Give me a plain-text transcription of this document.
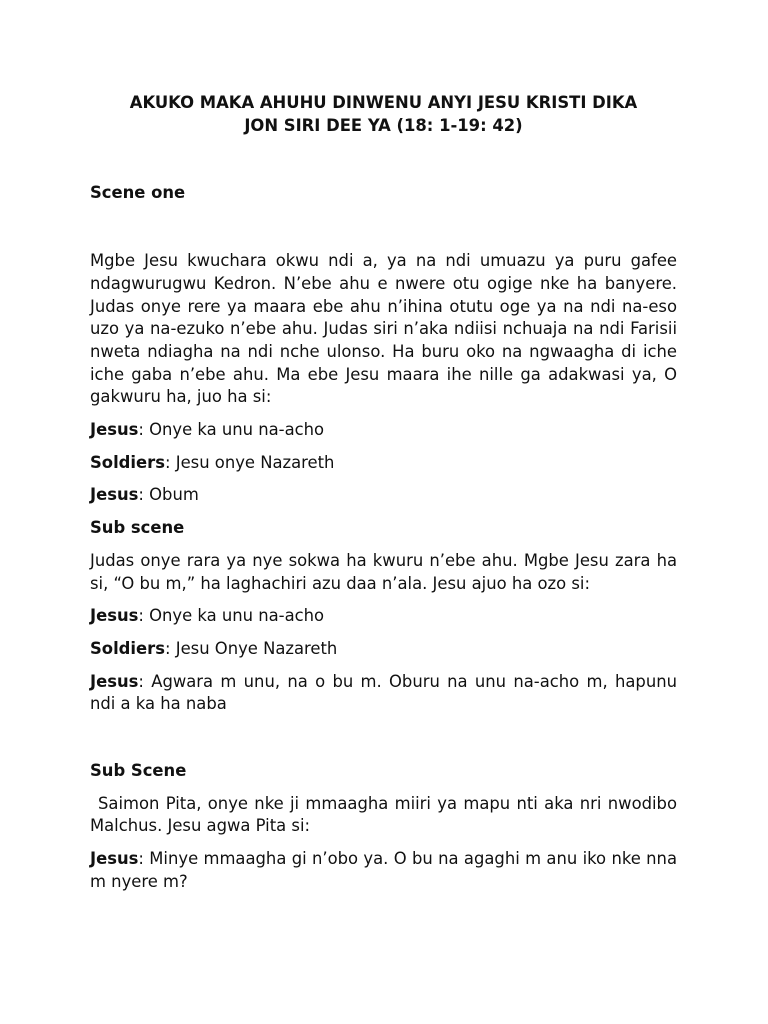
AKUKO MAKA AHUHU DINWENU ANYI JESU KRISTI DIKA
JON SIRI DEE YA (18: 1-19: 42)

Scene one

Mgbe Jesu kwuchara okwu ndi a, ya na ndi umuazu ya puru gafee ndagwurugwu Kedron. N’ebe ahu e nwere otu ogige nke ha banyere. Judas onye rere ya maara ebe ahu n’ihina otutu oge ya na ndi na-eso uzo ya na-ezuko n’ebe ahu. Judas siri n’aka ndiisi nchuaja na ndi Farisii nweta ndiagha na ndi nche ulonso. Ha buru oko na ngwaagha di iche iche gaba n’ebe ahu. Ma ebe Jesu maara ihe nille ga adakwasi ya, O gakwuru ha, juo ha si:

Jesus: Onye ka unu na-acho

Soldiers: Jesu onye Nazareth

Jesus: Obum

Sub scene

Judas onye rara ya nye sokwa ha kwuru n’ebe ahu. Mgbe Jesu zara ha si, “O bu m,” ha laghachiri azu daa n’ala. Jesu ajuo ha ozo si:

Jesus: Onye ka unu na-acho

Soldiers: Jesu Onye Nazareth

Jesus: Agwara m unu, na o bu m. Oburu na unu na-acho m, hapunu ndi a ka ha naba

Sub Scene

Saimon Pita, onye nke ji mmaagha miiri ya mapu nti aka nri nwodibo Malchus. Jesu agwa Pita si:

Jesus: Minye mmaagha gi n’obo ya. O bu na agaghi m anu iko nke nna m nyere m?
